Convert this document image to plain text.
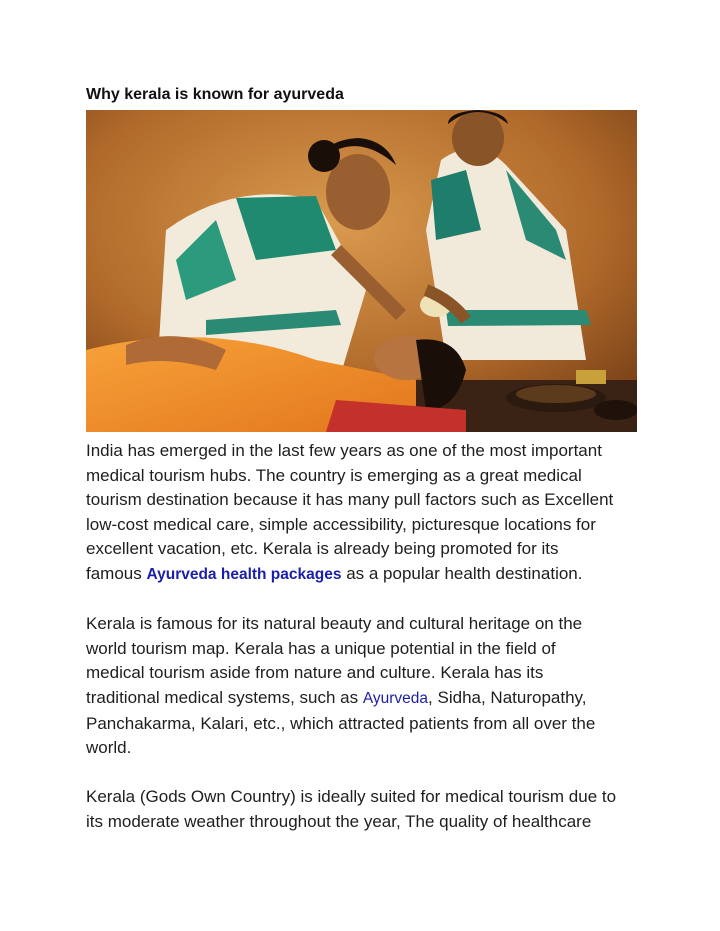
Why kerala is known for ayurveda

India has emerged in the last few years as one of the most important
medical tourism hubs. The country is emerging as a great medical
tourism destination because it has many pull factors such as Excellent
low-cost medical care, simple accessibility, picturesque locations for
excellent vacation, etc. Kerala is already being promoted for its
famous Ayurveda health packages as a popular health destination.

Kerala is famous for its natural beauty and cultural heritage on the
world tourism map. Kerala has a unique potential in the field of
medical tourism aside from nature and culture. Kerala has its
traditional medical systems, such as Ayurveda, Sidha, Naturopathy,
Panchakarma, Kalari, etc., which attracted patients from all over the
world.

Kerala (Gods Own Country) is ideally suited for medical tourism due to
its moderate weather throughout the year, The quality of healthcare
